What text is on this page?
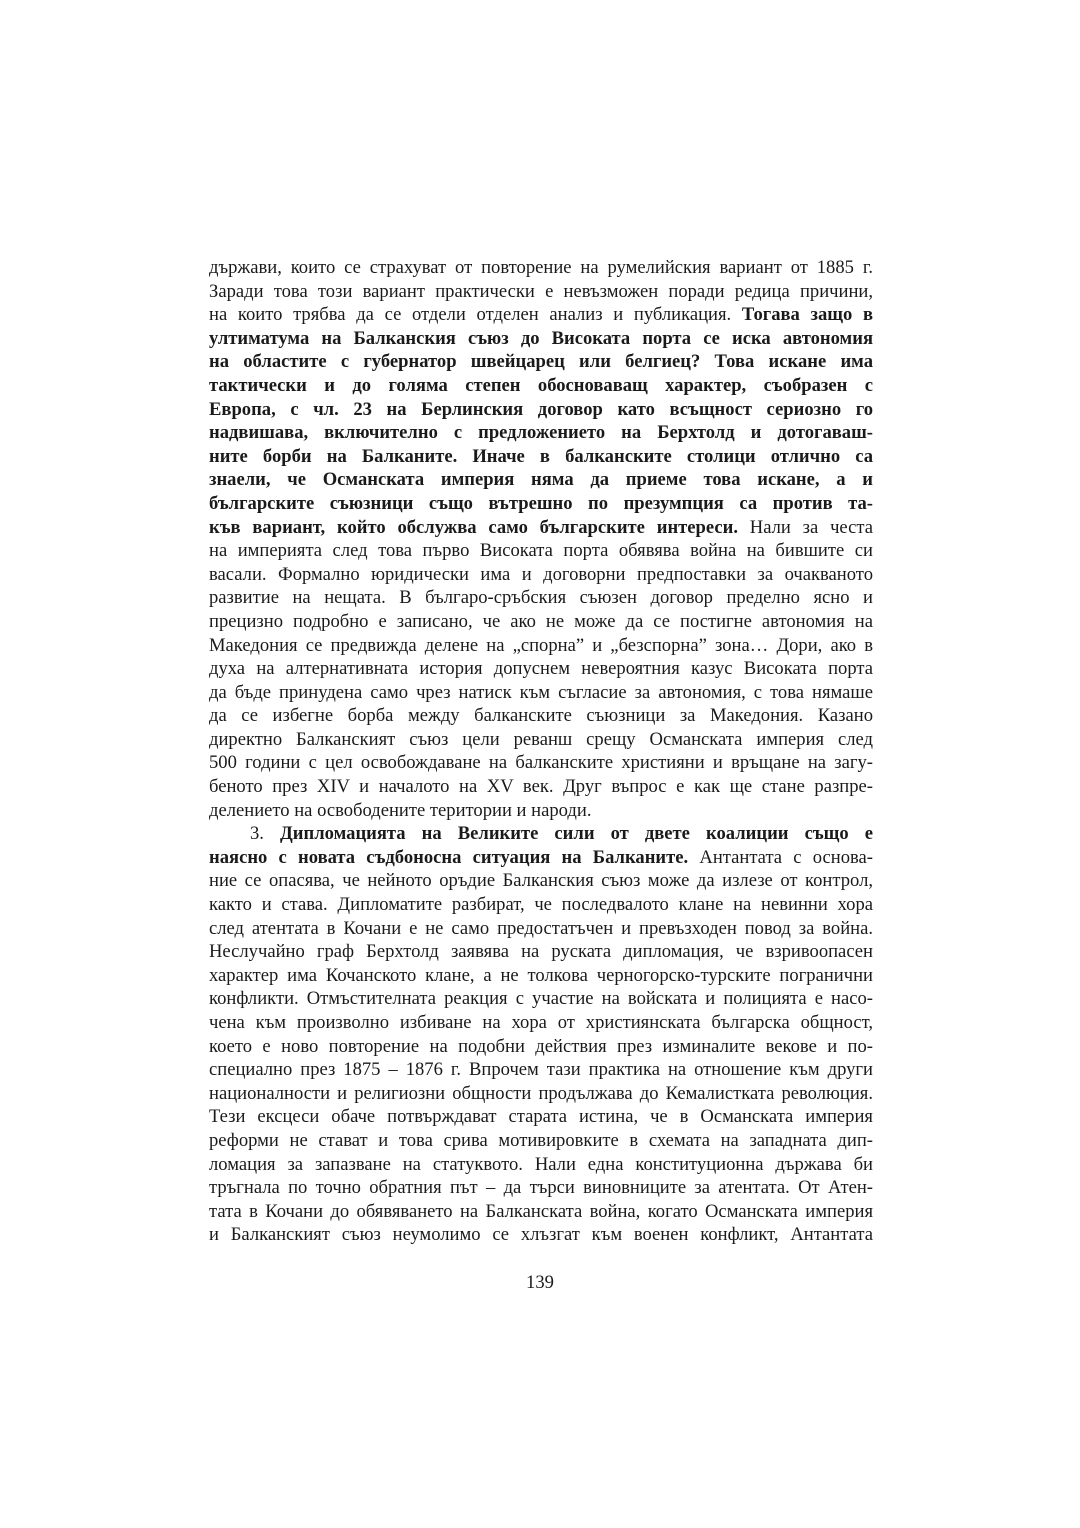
държави, които се страхуват от повторение на румелийския вариант от 1885 г.
Заради това този вариант практически е невъзможен поради редица причини,
на които трябва да се отдели отделен анализ и публикация. Тогава защо в
ултиматума на Балканския съюз до Високата порта се иска автономия
на областите с губернатор швейцарец или белгиец? Това искане има
тактически и до голяма степен обосноваващ характер, съобразен с
Европа, с чл. 23 на Берлинския договор като всъщност сериозно го
надвишава, включително с предложението на Берхтолд и дотогаваш-
ните борби на Балканите. Иначе в балканските столици отлично са
знаели, че Османската империя няма да приеме това искане, а и
българските съюзници също вътрешно по презумпция са против та-
къв вариант, който обслужва само българските интереси. Нали за честа
на империята след това първо Високата порта обявява война на бившите си
васали. Формално юридически има и договорни предпоставки за очакваното
развитие на нещата. В българо-сръбския съюзен договор пределно ясно и
прецизно подробно е записано, че ако не може да се постигне автономия на
Македония се предвижда делене на „спорна” и „безспорна” зона… Дори, ако в
духа на алтернативната история допуснем невероятния казус Високата порта
да бъде принудена само чрез натиск към съгласие за автономия, с това нямаше
да се избегне борба между балканските съюзници за Македония. Казано
директно Балканският съюз цели реванш срещу Османската империя след
500 години с цел освобождаване на балканските християни и връщане на загу-
беното през XIV и началото на XV век. Друг въпрос е как ще стане разпре-
делението на освободените територии и народи.
3. Дипломацията на Великите сили от двете коалиции също е
наясно с новата съдбоносна ситуация на Балканите. Антантата с основа-
ние се опасява, че нейното оръдие Балканския съюз може да излезе от контрол,
както и става. Дипломатите разбират, че последвалото клане на невинни хора
след атентата в Кочани е не само предостатъчен и превъзходен повод за война.
Неслучайно граф Берхтолд заявява на руската дипломация, че взривоопасен
характер има Кочанското клане, а не толкова черногорско-турските погранични
конфликти. Отмъстителната реакция с участие на войската и полицията е насо-
чена към произволно избиване на хора от християнската българска общност,
което е ново повторение на подобни действия през изминалите векове и по-
специално през 1875 – 1876 г. Впрочем тази практика на отношение към други
националности и религиозни общности продължава до Кемалистката революция.
Тези ексцеси обаче потвърждават старата истина, че в Османската империя
реформи не стават и това срива мотивировките в схемата на западната дип-
ломация за запазване на статуквото. Нали една конституционна държава би
тръгнала по точно обратния път – да търси виновниците за атентата. От Атен-
тата в Кочани до обявяването на Балканската война, когато Османската империя
и Балканският съюз неумолимо се хлъзгат към военен конфликт, Антантата
139
